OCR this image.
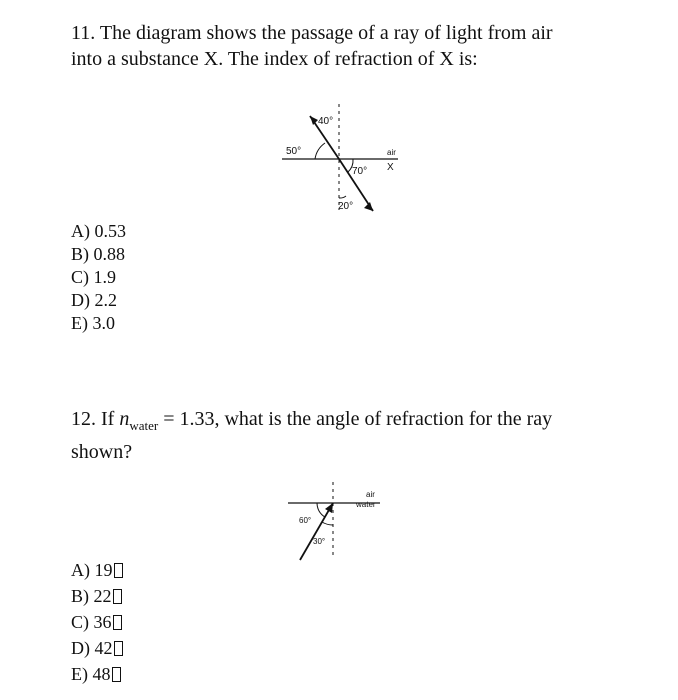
11. The diagram shows the passage of a ray of light from air
into a substance X. The index of refraction of X is:
40°
50°
70°
20°
air
X
A) 0.53
B) 0.88
C) 1.9
D) 2.2
E) 3.0
12. If $n_{water} = 1.33$, what is the angle of refraction for the ray
shown?
60°
30°
air
water
A) 19
B) 22
C) 36
D) 42
E) 48
